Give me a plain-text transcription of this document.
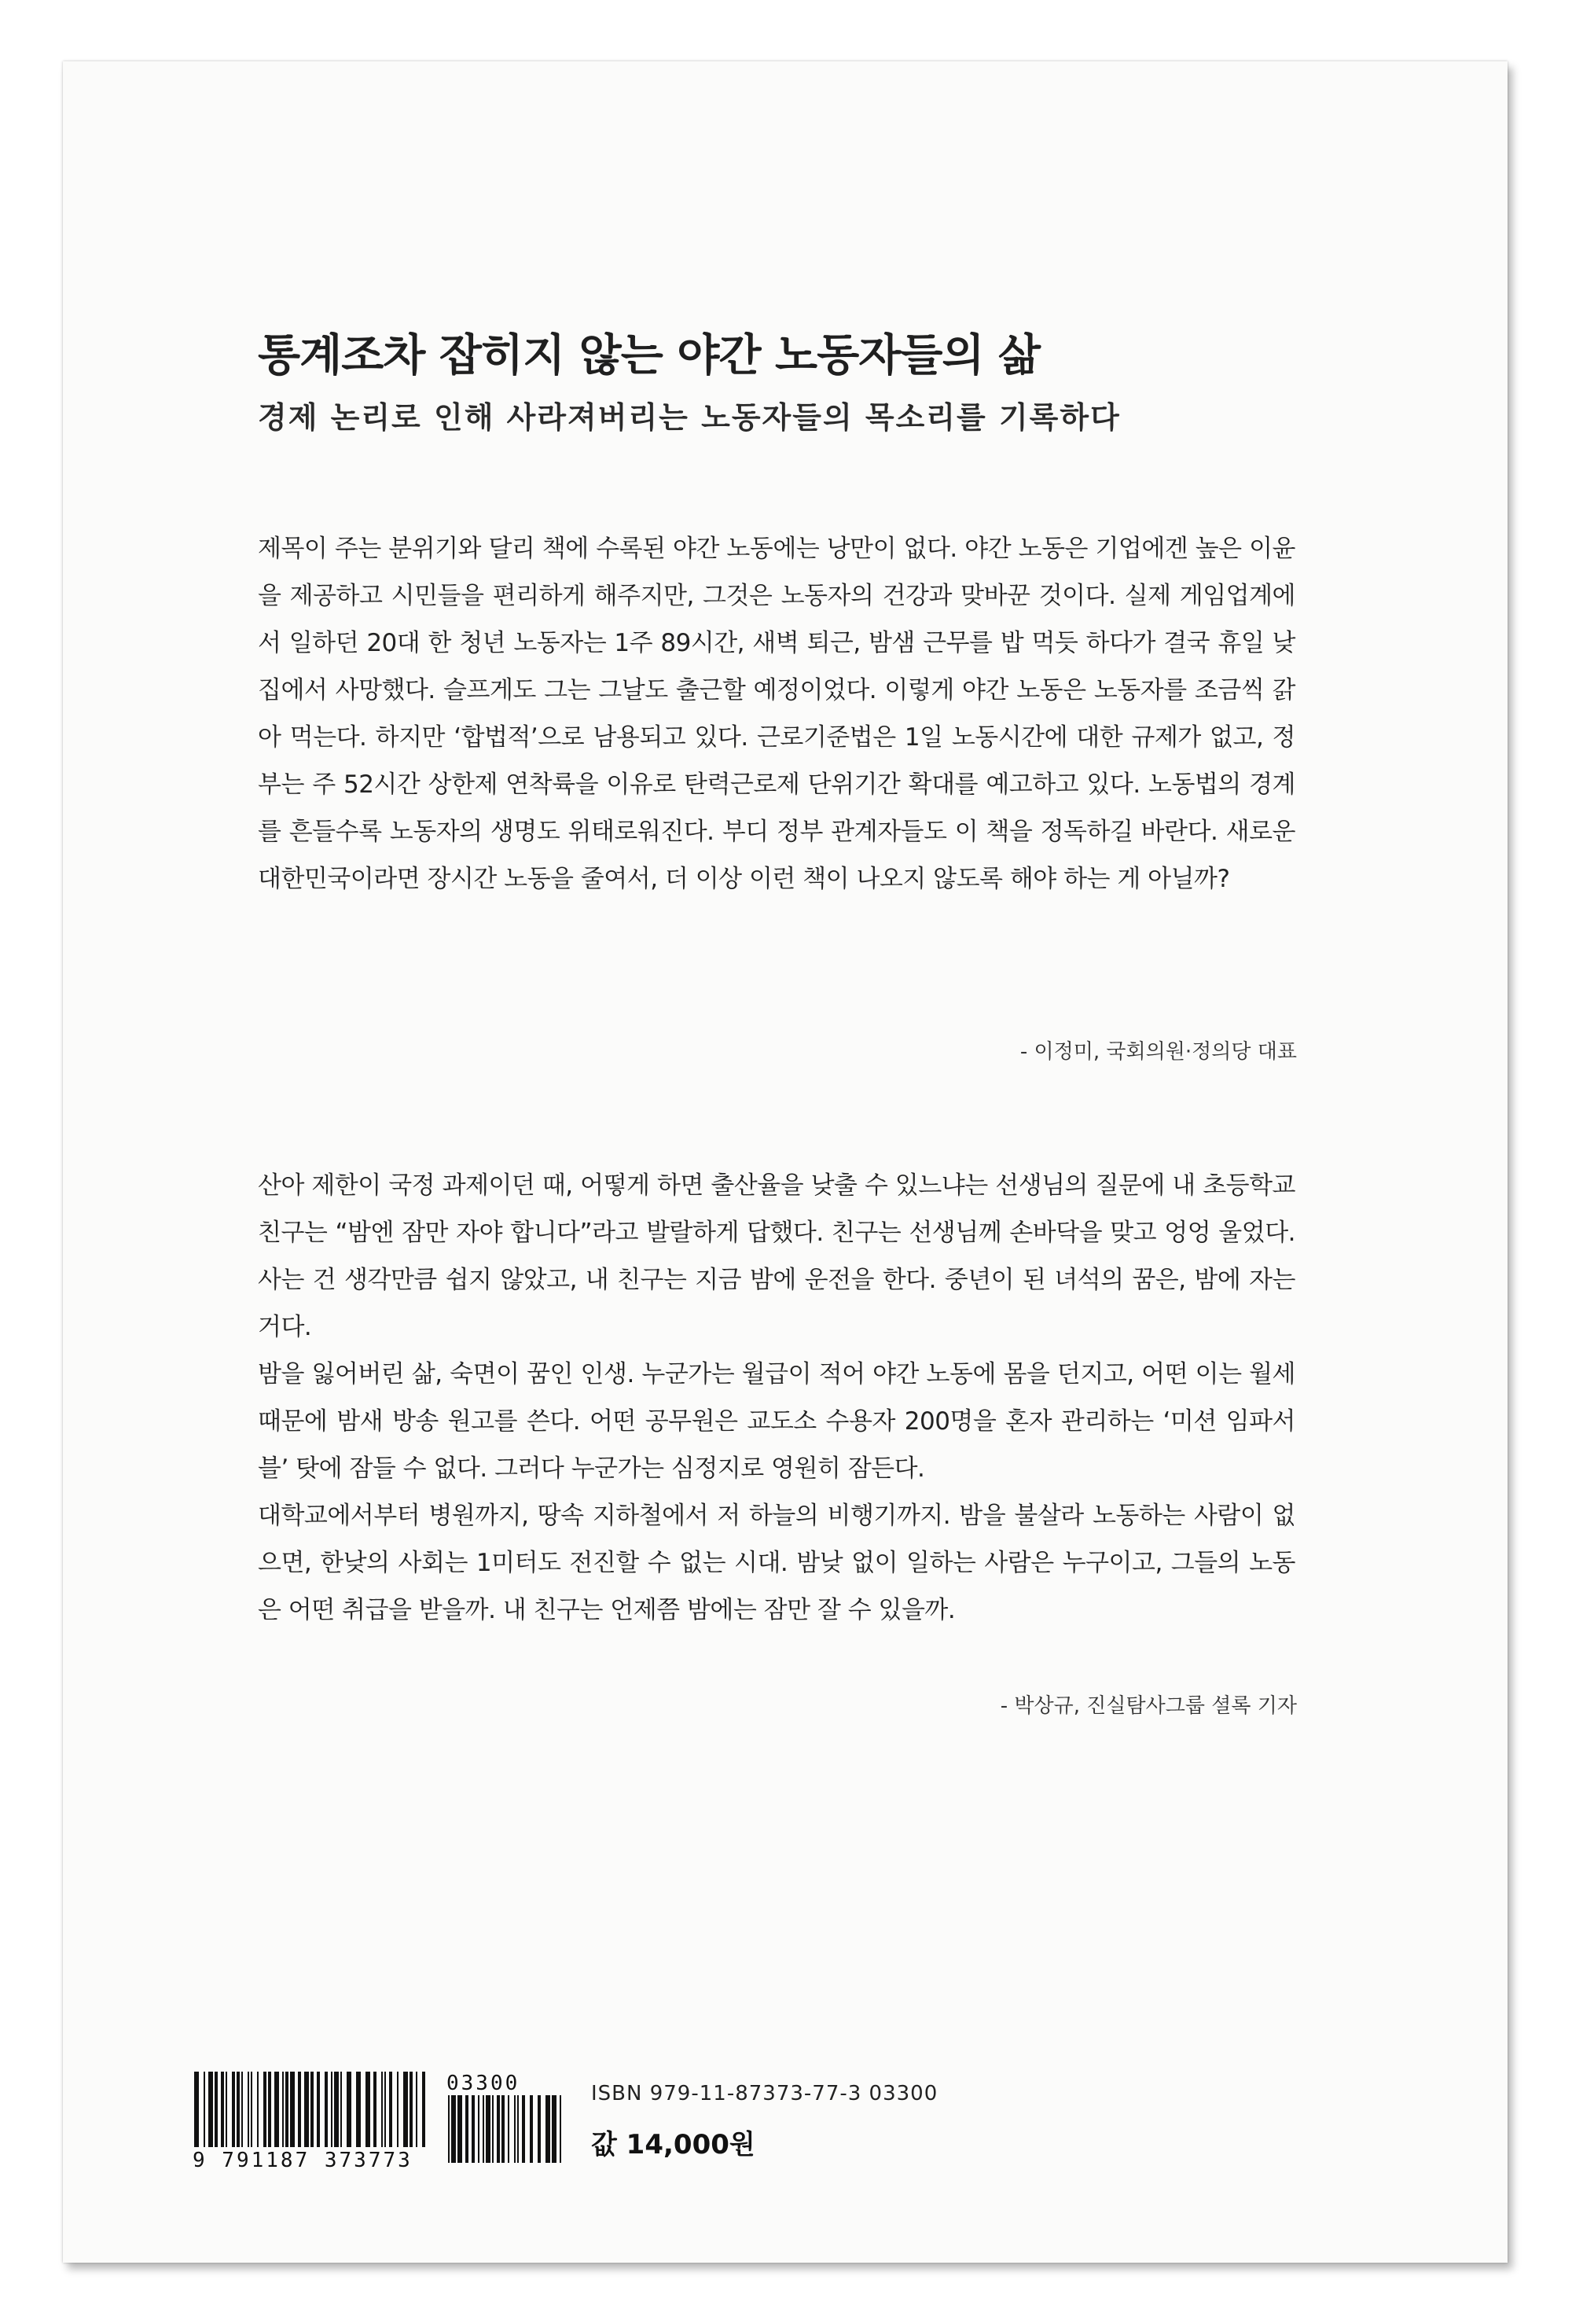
통계조차 잡히지 않는 야간 노동자들의 삶
경제 논리로 인해 사라져버리는 노동자들의 목소리를 기록하다

제목이 주는 분위기와 달리 책에 수록된 야간 노동에는 낭만이 없다. 야간 노동은 기업에겐 높은 이윤을 제공하고 시민들을 편리하게 해주지만, 그것은 노동자의 건강과 맞바꾼 것이다. 실제 게임업계에서 일하던 20대 한 청년 노동자는 1주 89시간, 새벽 퇴근, 밤샘 근무를 밥 먹듯 하다가 결국 휴일 낮 집에서 사망했다. 슬프게도 그는 그날도 출근할 예정이었다. 이렇게 야간 노동은 노동자를 조금씩 갉아 먹는다. 하지만 ‘합법적’으로 남용되고 있다. 근로기준법은 1일 노동시간에 대한 규제가 없고, 정부는 주 52시간 상한제 연착륙을 이유로 탄력근로제 단위기간 확대를 예고하고 있다. 노동법의 경계를 흔들수록 노동자의 생명도 위태로워진다. 부디 정부 관계자들도 이 책을 정독하길 바란다. 새로운 대한민국이라면 장시간 노동을 줄여서, 더 이상 이런 책이 나오지 않도록 해야 하는 게 아닐까?

- 이정미, 국회의원·정의당 대표

산아 제한이 국정 과제이던 때, 어떻게 하면 출산율을 낮출 수 있느냐는 선생님의 질문에 내 초등학교 친구는 “밤엔 잠만 자야 합니다”라고 발랄하게 답했다. 친구는 선생님께 손바닥을 맞고 엉엉 울었다. 사는 건 생각만큼 쉽지 않았고, 내 친구는 지금 밤에 운전을 한다. 중년이 된 녀석의 꿈은, 밤에 자는 거다.

밤을 잃어버린 삶, 숙면이 꿈인 인생. 누군가는 월급이 적어 야간 노동에 몸을 던지고, 어떤 이는 월세 때문에 밤새 방송 원고를 쓴다. 어떤 공무원은 교도소 수용자 200명을 혼자 관리하는 ‘미션 임파서블’ 탓에 잠들 수 없다. 그러다 누군가는 심정지로 영원히 잠든다.

대학교에서부터 병원까지, 땅속 지하철에서 저 하늘의 비행기까지. 밤을 불살라 노동하는 사람이 없으면, 한낮의 사회는 1미터도 전진할 수 없는 시대. 밤낮 없이 일하는 사람은 누구이고, 그들의 노동은 어떤 취급을 받을까. 내 친구는 언제쯤 밤에는 잠만 잘 수 있을까.

- 박상규, 진실탐사그룹 셜록 기자

9 791187 373773
03300	ISBN 979-11-87373-77-3 03300

값 14,000원
